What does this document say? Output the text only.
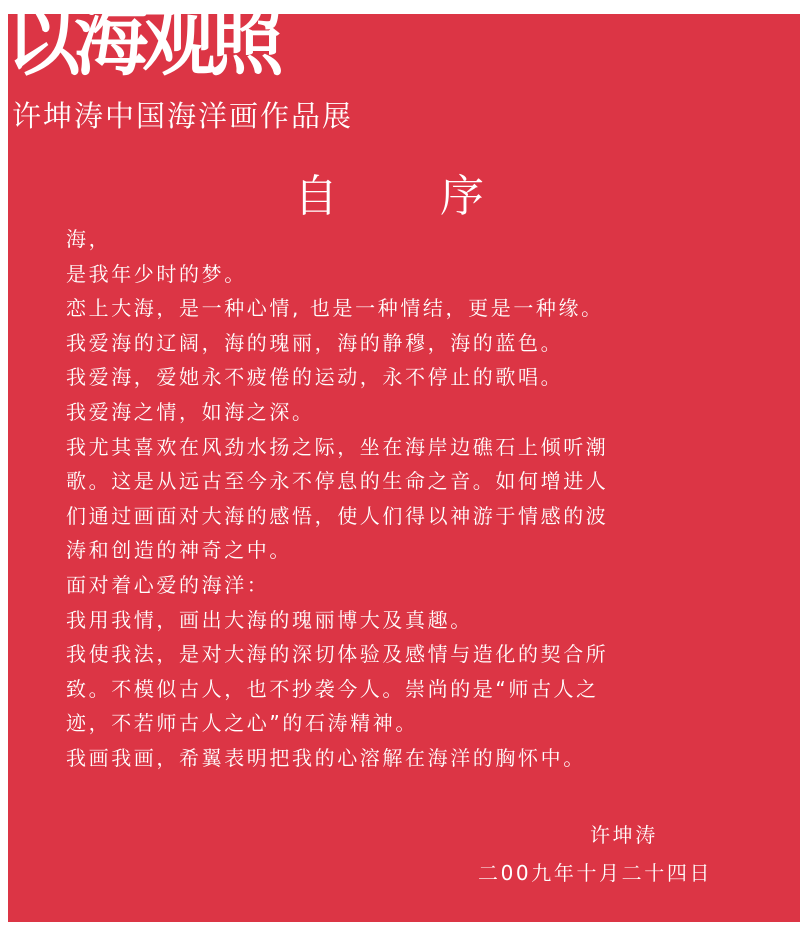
以海观照
许坤涛中国海洋画作品展
自 序
海，
是我年少时的梦。
恋上大海，是一种心情, 也是一种情结，更是一种缘。
我爱海的辽阔，海的瑰丽，海的静穆，海的蓝色。
我爱海，爱她永不疲倦的运动，永不停止的歌唱。
我爱海之情，如海之深。
我尤其喜欢在风劲水扬之际，坐在海岸边礁石上倾听潮
歌。这是从远古至今永不停息的生命之音。如何增进人
们通过画面对大海的感悟，使人们得以神游于情感的波
涛和创造的神奇之中。
面对着心爱的海洋：
我用我情，画出大海的瑰丽博大及真趣。
我使我法，是对大海的深切体验及感情与造化的契合所
致。不模似古人，也不抄袭今人。崇尚的是“师古人之
迹，不若师古人之心”的石涛精神。
我画我画，希翼表明把我的心溶解在海洋的胸怀中。
许坤涛
二00九年十月二十四日
